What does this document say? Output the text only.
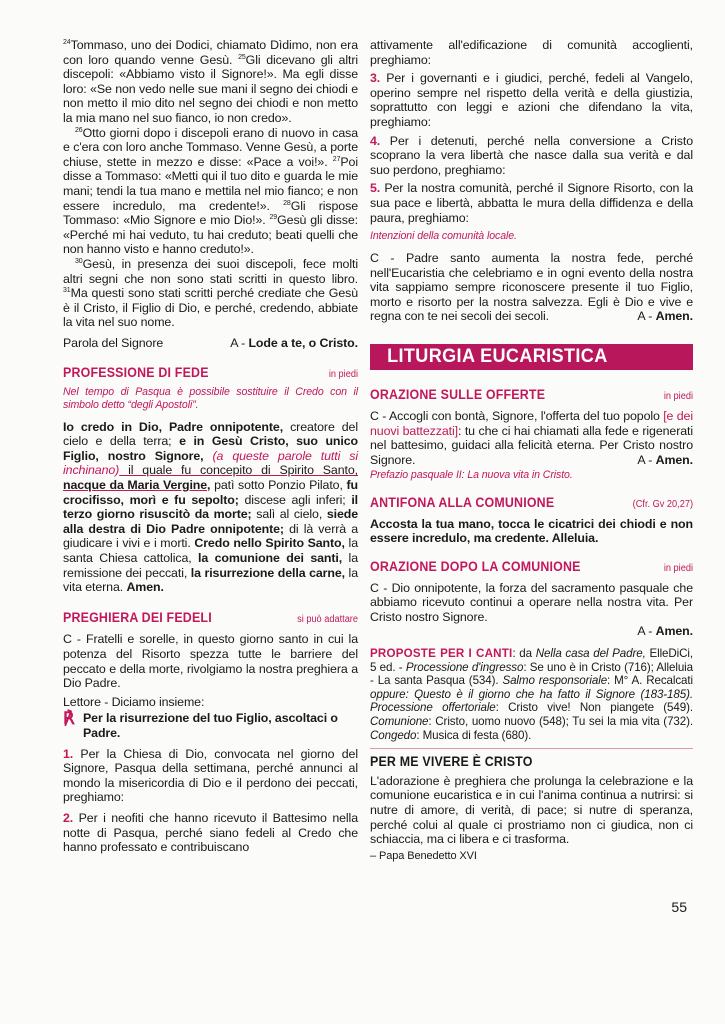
$^{24}$Tommaso, uno dei Dodici, chiamato Dìdimo, non era con loro quando venne Gesù. $^{25}$Gli dicevano gli altri discepoli: «Abbiamo visto il Signore!». Ma egli disse loro: «Se non vedo nelle sue mani il segno dei chiodi e non metto il mio dito nel segno dei chiodi e non metto la mia mano nel suo fianco, io non credo».

$^{26}$Otto giorni dopo i discepoli erano di nuovo in casa e c'era con loro anche Tommaso. Venne Gesù, a porte chiuse, stette in mezzo e disse: «Pace a voi!». $^{27}$Poi disse a Tommaso: «Metti qui il tuo dito e guarda le mie mani; tendi la tua mano e mettila nel mio fianco; e non essere incredulo, ma credente!». $^{28}$Gli rispose Tommaso: «Mio Signore e mio Dio!». $^{29}$Gesù gli disse: «Perché mi hai veduto, tu hai creduto; beati quelli che non hanno visto e hanno creduto!».

$^{30}$Gesù, in presenza dei suoi discepoli, fece molti altri segni che non sono stati scritti in questo libro. $^{31}$Ma questi sono stati scritti perché crediate che Gesù è il Cristo, il Figlio di Dio, e perché, credendo, abbiate la vita nel suo nome.

Parola del Signore	A - Lode a te, o Cristo.
PROFESSIONE DI FEDE	in piedi

Nel tempo di Pasqua è possibile sostituire il Credo con il simbolo detto “degli Apostoli”.

Io credo in Dio, Padre onnipotente, creatore del cielo e della terra; e in Gesù Cristo, suo unico Figlio, nostro Signore, (a queste parole tutti si inchinano) il quale fu concepito di Spirito Santo, nacque da Maria Vergine, patì sotto Ponzio Pilato, fu crocifisso, morì e fu sepolto; discese agli inferi; il terzo giorno risuscitò da morte; salì al cielo, siede alla destra di Dio Padre onnipotente; di là verrà a giudicare i vivi e i morti. Credo nello Spirito Santo, la santa Chiesa cattolica, la comunione dei santi, la remissione dei peccati, la risurrezione della carne, la vita eterna. Amen.

PREGHIERA DEI FEDELI	si può adattare

C - Fratelli e sorelle, in questo giorno santo in cui la potenza del Risorto spezza tutte le barriere del peccato e della morte, rivolgiamo la nostra preghiera a Dio Padre.

Lettore - Diciamo insieme:

℟ Per la risurrezione del tuo Figlio, ascoltaci o Padre.

1. Per la Chiesa di Dio, convocata nel giorno del Signore, Pasqua della settimana, perché annunci al mondo la misericordia di Dio e il perdono dei peccati, preghiamo:

2. Per i neofiti che hanno ricevuto il Battesimo nella notte di Pasqua, perché siano fedeli al Credo che hanno professato e contribuiscano

attivamente all'edificazione di comunità accoglienti, preghiamo:

3. Per i governanti e i giudici, perché, fedeli al Vangelo, operino sempre nel rispetto della verità e della giustizia, soprattutto con leggi e azioni che difendano la vita, preghiamo:

4. Per i detenuti, perché nella conversione a Cristo scoprano la vera libertà che nasce dalla sua verità e dal suo perdono, preghiamo:

5. Per la nostra comunità, perché il Signore Risorto, con la sua pace e libertà, abbatta le mura della diffidenza e della paura, preghiamo:

Intenzioni della comunità locale.

C - Padre santo aumenta la nostra fede, perché nell'Eucaristia che celebriamo e in ogni evento della nostra vita sappiamo sempre riconoscere presente il tuo Figlio, morto e risorto per la nostra salvezza. Egli è Dio e vive e regna con te nei secoli dei secoli.	A - Amen.

LITURGIA EUCARISTICA
ORAZIONE SULLE OFFERTE	in piedi

C - Accogli con bontà, Signore, l'offerta del tuo popolo [e dei nuovi battezzati]: tu che ci hai chiamati alla fede e rigenerati nel battesimo, guidaci alla felicità eterna. Per Cristo nostro Signore.	A - Amen.

Prefazio pasquale II: La nuova vita in Cristo.

ANTIFONA ALLA COMUNIONE	(Cfr. Gv 20,27)

Accosta la tua mano, tocca le cicatrici dei chiodi e non essere incredulo, ma credente. Alleluia.

ORAZIONE DOPO LA COMUNIONE	in piedi

C - Dio onnipotente, la forza del sacramento pasquale che abbiamo ricevuto continui a operare nella nostra vita. Per Cristo nostro Signore.

A - Amen.

PROPOSTE PER I CANTI: da Nella casa del Padre, ElleDiCi, 5 ed. - Processione d'ingresso: Se uno è in Cristo (716); Alleluia - La santa Pasqua (534). Salmo responsoriale: M° A. Recalcati oppure: Questo è il giorno che ha fatto il Signore (183-185). Processione offertoriale: Cristo vive! Non piangete (549). Comunione: Cristo, uomo nuovo (548); Tu sei la mia vita (732). Congedo: Musica di festa (680).

PER ME VIVERE È CRISTO

L'adorazione è preghiera che prolunga la celebrazione e la comunione eucaristica e in cui l'anima continua a nutrirsi: si nutre di amore, di verità, di pace; si nutre di speranza, perché colui al quale ci prostriamo non ci giudica, non ci schiaccia, ma ci libera e ci trasforma.

– Papa Benedetto XVI

55
